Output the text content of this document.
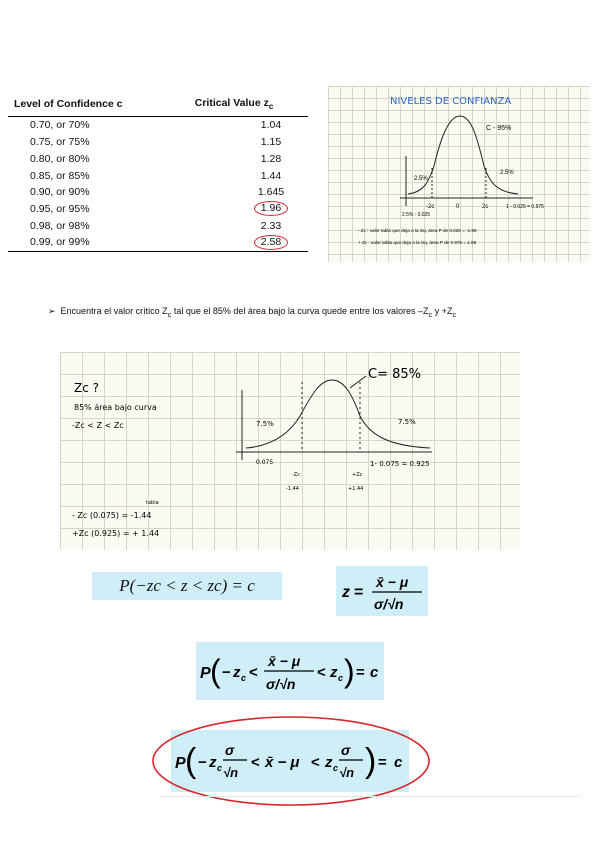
Level of Confidence c	Critical Value $z_c$
0.70, or 70%	1.04
0.75, or 75%	1.15
0.80, or 80%	1.28
0.85, or 85%	1.44
0.90, or 90%	1.645
0.95, or 95%	1.96
0.98, or 98%	2.33
0.99, or 99%	2.58
NIVELES DE CONFIANZA
C - 95%
2.5%
2.5%
-2c	0	2c
2.5% : 0.025
1 - 0.025 = 0.975
- Zc : valor tabla que deja a la izq. área P de 0.025 = -1.96
+ Zc : valor tabla que deja a la izq. área P de 0.975 = 1.96
➢  Encuentra el valor crítico $Z_c$ tal que el 85% del área bajo la curva quede entre los valores $-Z_c$ $y +Z_c$
Zc ?
85% área bajo curva
-Zc < Z < Zc
C= 85%
7.5%	7.5%
0.075	1- 0.075 = 0.925
-Zc	+Zc
-1.44	+1.44
tabla
- Zc (0.075) = -1.44
+Zc (0.925) = + 1.44
P(−zc < z < zc) = c	z =
x̄ − μ
σ/√n
P ( − z c <
x̄ − μ
σ/√n
< z c ) = c
P ( − z c
σ
√n
< x̄ − μ < z c
σ
√n ) = c
